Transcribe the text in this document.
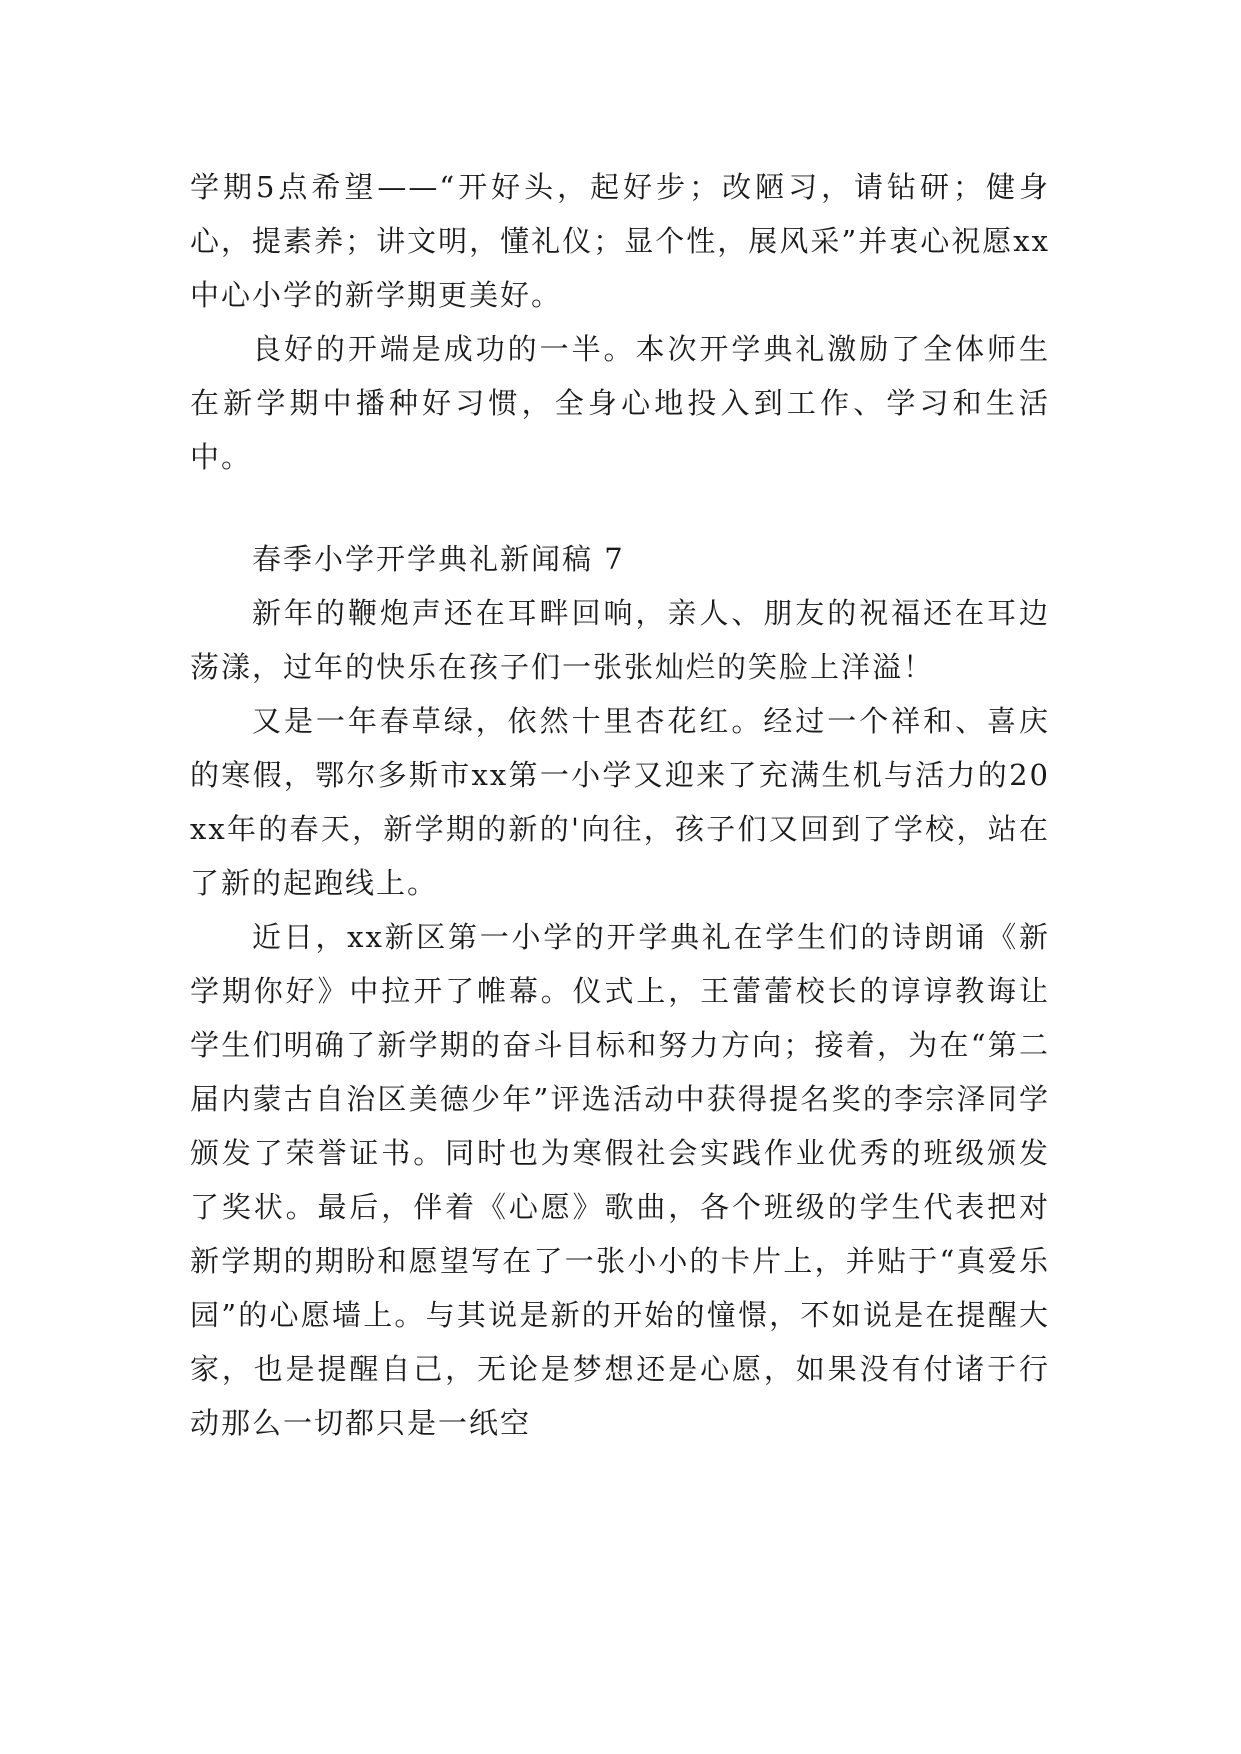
学期5点希望——“开好头，起好步；改陋习，请钻研；健身心，提素养；讲文明，懂礼仪；显个性，展风采”并衷心祝愿xx中心小学的新学期更美好。

良好的开端是成功的一半。本次开学典礼激励了全体师生在新学期中播种好习惯，全身心地投入到工作、学习和生活中。

春季小学开学典礼新闻稿 7

新年的鞭炮声还在耳畔回响，亲人、朋友的祝福还在耳边荡漾，过年的快乐在孩子们一张张灿烂的笑脸上洋溢！

又是一年春草绿，依然十里杏花红。经过一个祥和、喜庆的寒假，鄂尔多斯市xx第一小学又迎来了充满生机与活力的20xx年的春天，新学期的新的'向往，孩子们又回到了学校，站在了新的起跑线上。

近日，xx新区第一小学的开学典礼在学生们的诗朗诵《新学期你好》中拉开了帷幕。仪式上，王蕾蕾校长的谆谆教诲让学生们明确了新学期的奋斗目标和努力方向；接着，为在“第二届内蒙古自治区美德少年”评选活动中获得提名奖的李宗泽同学颁发了荣誉证书。同时也为寒假社会实践作业优秀的班级颁发了奖状。最后，伴着《心愿》歌曲，各个班级的学生代表把对新学期的期盼和愿望写在了一张小小的卡片上，并贴于“真爱乐园”的心愿墙上。与其说是新的开始的憧憬，不如说是在提醒大家，也是提醒自己，无论是梦想还是心愿，如果没有付诸于行动那么一切都只是一纸空
